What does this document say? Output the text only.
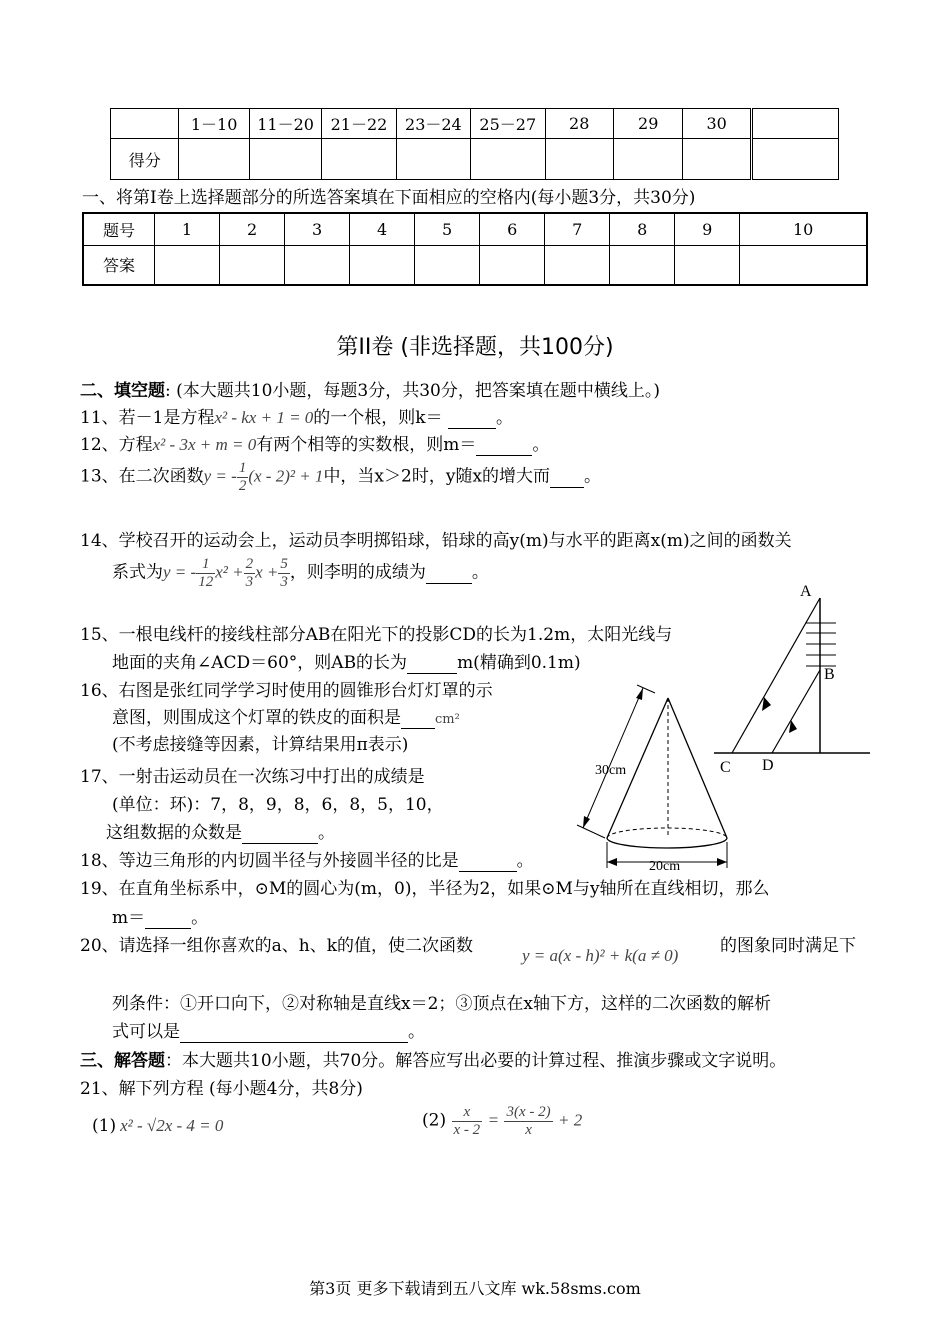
	1－10	11－20	21－22	23－24	25－27	28	29	30	
得分									
一、将第Ⅰ卷上选择题部分的所选答案填在下面相应的空格内(每小题3分，共30分)
题号	1	2	3	4	5	6	7	8	9	10
答案										
第II卷 (非选择题，共100分)
二、填空题: (本大题共10小题，每题3分，共30分，把答案填在题中横线上。)
11、若－1是方程x² - kx + 1 = 0的一个根，则k＝	。
12、方程x² - 3x + m = 0有两个相等的实数根，则m＝	。
13、在二次函数y = - $\frac{1}{2} (x - 2)^2 + 1$中，当x＞2时，y随x的增大而 。
14、学校召开的运动会上，运动员李明掷铅球，铅球的高y(m)与水平的距离x(m)之间的函数关
系式为y = - $\frac{1}{12} x^2 + \frac{2}{3}$ $x + \frac{5}{3}$ ，则李明的成绩为	。
15、一根电线杆的接线柱部分AB在阳光下的投影CD的长为1.2m，太阳光线与
地面的夹角∠ACD＝60°，则AB的长为	m(精确到0.1m)
16、右图是张红同学学习时使用的圆锥形台灯灯罩的示
意图，则围成这个灯罩的铁皮的面积是	cm²
(不考虑接缝等因素，计算结果用π表示)
17、一射击运动员在一次练习中打出的成绩是
(单位：环)：7，8，9，8，6，8，5，10，
这组数据的众数是	。
18、等边三角形的内切圆半径与外接圆半径的比是	。
19、在直角坐标系中，⊙M的圆心为(m，0)，半径为2，如果⊙M与y轴所在直线相切，那么
m＝	。
20、请选择一组你喜欢的a、h、k的值，使二次函数	y = a(x - h)² + k(a ≠ 0) 的图象同时满足下
列条件：①开口向下，②对称轴是直线x＝2；③顶点在x轴下方，这样的二次函数的解析
式可以是	。
三、解答题：本大题共10小题，共70分。解答应写出必要的计算过程、推演步骤或文字说明。
21、解下列方程 (每小题4分，共8分)
(1) x² - √2x - 4 = 0	$(2) \frac{x}{x - 2} = \frac{3(x - 2)}{x} + 2$
30cm
20cm
A
B
C D
第3页 更多下载请到五八文库 wk.58sms.com
